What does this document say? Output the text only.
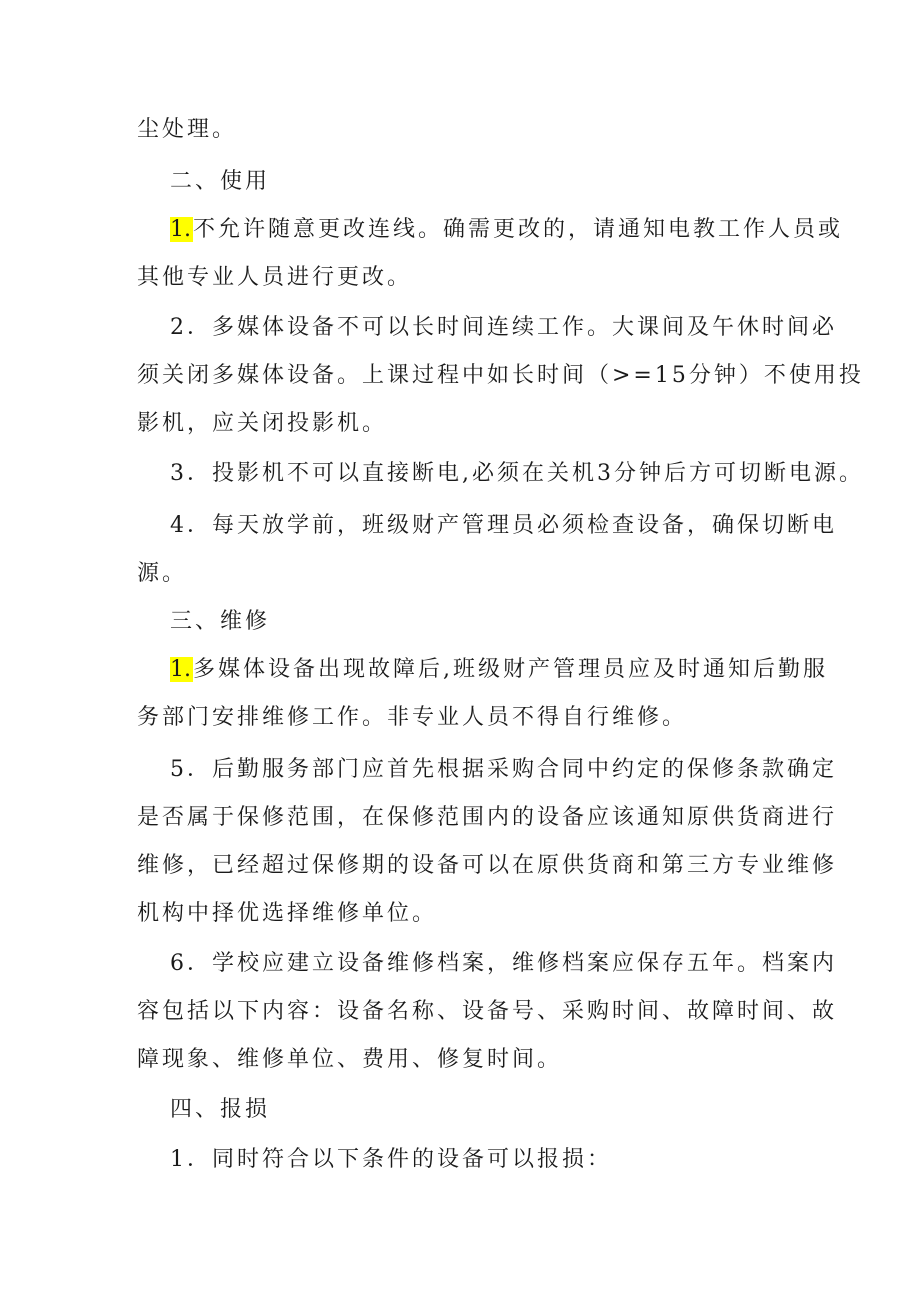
尘处理。
二、使用
1.不允许随意更改连线。确需更改的，请通知电教工作人员或
其他专业人员进行更改。
2．多媒体设备不可以长时间连续工作。大课间及午休时间必
须关闭多媒体设备。上课过程中如长时间（>=15分钟）不使用投
影机，应关闭投影机。
3．投影机不可以直接断电,必须在关机3分钟后方可切断电源。
4．每天放学前，班级财产管理员必须检查设备，确保切断电
源。
三、维修
1.多媒体设备出现故障后,班级财产管理员应及时通知后勤服
务部门安排维修工作。非专业人员不得自行维修。
5．后勤服务部门应首先根据采购合同中约定的保修条款确定
是否属于保修范围，在保修范围内的设备应该通知原供货商进行
维修，已经超过保修期的设备可以在原供货商和第三方专业维修
机构中择优选择维修单位。
6．学校应建立设备维修档案，维修档案应保存五年。档案内
容包括以下内容：设备名称、设备号、采购时间、故障时间、故
障现象、维修单位、费用、修复时间。
四、报损
1．同时符合以下条件的设备可以报损：
